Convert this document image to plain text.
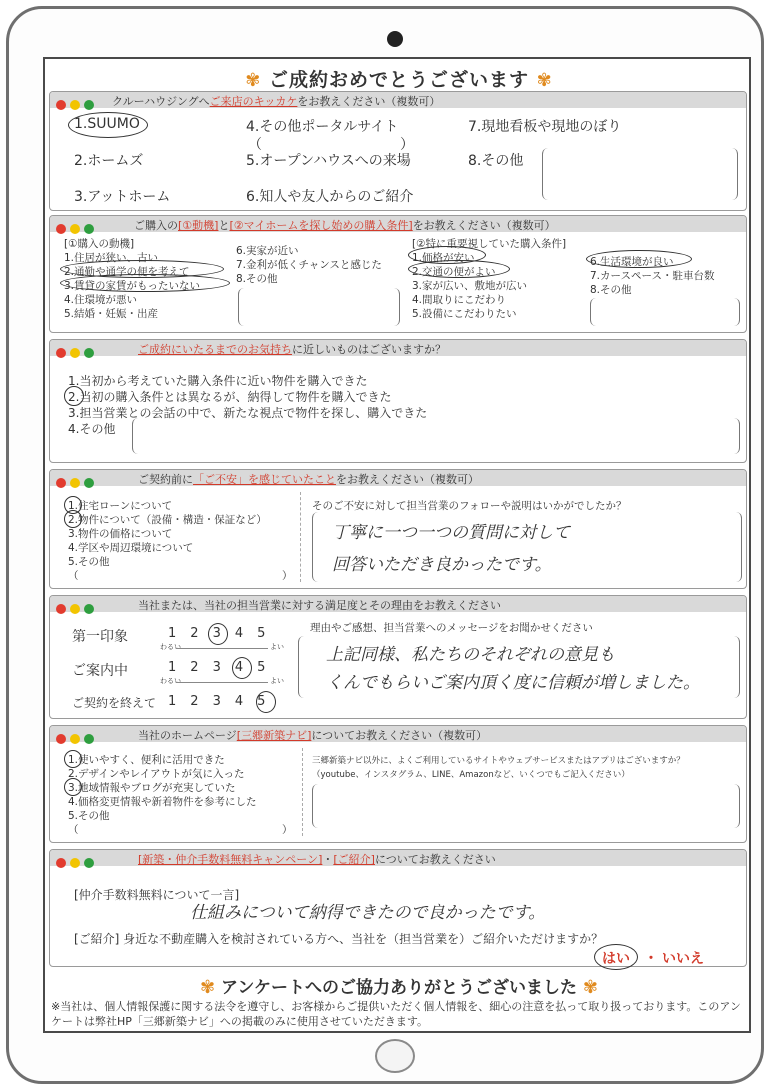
✾ ご成約おめでとうございます ✾
クルーハウジングへご来店のキッカケをお教えください（複数可）
1.SUUMO
2.ホームズ
3.アットホーム
4.その他ポータルサイト
（	）
5.オープンハウスへの来場
6.知人や友人からのご紹介
7.現地看板や現地のぼり
8.その他
ご購入の[①動機]と[②マイホームを探し始めの購入条件]をお教えください（複数可）
[①購入の動機]
1.住居が狭い、古い
2.通勤や通学の便を考えて
3.賃貸の家賃がもったいない
4.住環境が悪い
5.結婚・妊娠・出産
6.実家が近い
7.金利が低くチャンスと感じた
8.その他
[②特に重要視していた購入条件]
1.価格が安い
2.交通の便がよい
3.家が広い、敷地が広い
4.間取りにこだわり
5.設備にこだわりたい
6.生活環境が良い
7.カースペース・駐車台数
8.その他
ご成約にいたるまでのお気持ちに近しいものはございますか？
1.当初から考えていた購入条件に近い物件を購入できた
2.当初の購入条件とは異なるが、納得して物件を購入できた
3.担当営業との会話の中で、新たな視点で物件を探し、購入できた
4.その他
ご契約前に「ご不安」を感じていたことをお教えください（複数可）
1.住宅ローンについて
2.物件について（設備・構造・保証など）
3.物件の価格について
4.学区や周辺環境について
5.その他
（	）
そのご不安に対して担当営業のフォローや説明はいかがでしたか？
丁寧に一つ一つの質問に対して
回答いただき良かったです。
当社または、当社の担当営業に対する満足度とその理由をお教えください
第一印象	1 2 3 4 5
わるい	よい
ご案内中	1 2 3 4 5
わるい	よい
ご契約を終えて 1 2 3 4 5
理由やご感想、担当営業へのメッセージをお聞かせください
上記同様、私たちのそれぞれの意見も
くんでもらいご案内頂く度に信頼が増しました。
当社のホームページ[三郷新築ナビ]についてお教えください（複数可）
1.使いやすく、便利に活用できた
2.デザインやレイアウトが気に入った
3.地域情報やブログが充実していた
4.価格変更情報や新着物件を参考にした
5.その他
（	）
三郷新築ナビ以外に、よくご利用しているサイトやウェブサービスまたはアプリはございますか？
（youtube、インスタグラム、LINE、Amazonなど、いくつでもご記入ください）
[新築・仲介手数料無料キャンペーン]・[ご紹介]についてお教えください
[仲介手数料無料について一言]
仕組みについて納得できたので良かったです。
[ご紹介] 身近な不動産購入を検討されている方へ、当社を（担当営業を）ご紹介いただけますか？
はい ・ いいえ
✾ アンケートへのご協力ありがとうございました ✾
※当社は、個人情報保護に関する法令を遵守し、お客様からご提供いただく個人情報を、細心の注意を払って取り扱っております。このアンケートは弊社HP「三郷新築ナビ」への掲載のみに使用させていただきます。
